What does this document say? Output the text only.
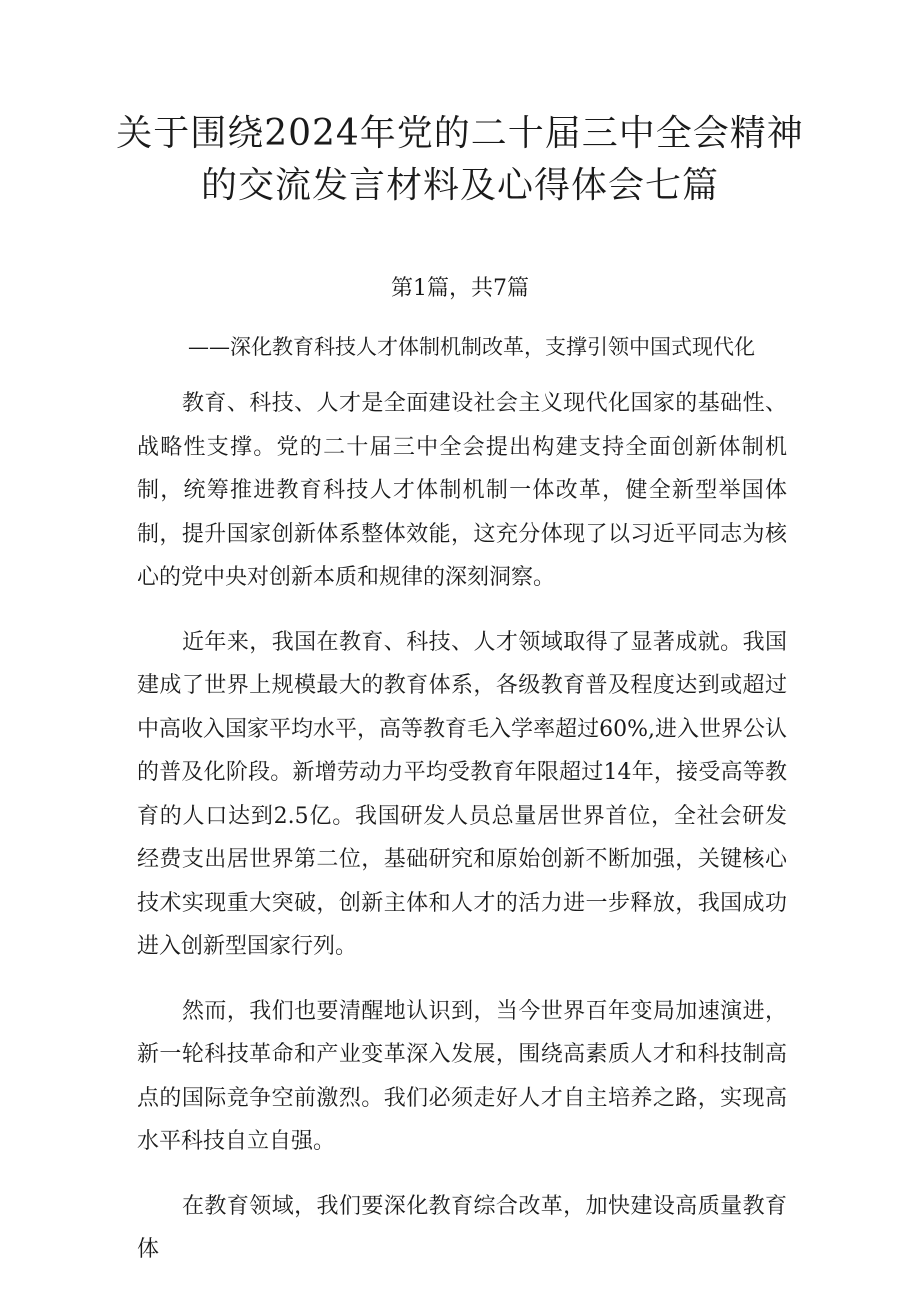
关于围绕2024年党的二十届三中全会精神
的交流发言材料及心得体会七篇
第1篇，共7篇
——深化教育科技人才体制机制改革，支撑引领中国式现代化

教育、科技、人才是全面建设社会主义现代化国家的基础性、战略性支撑。党的二十届三中全会提出构建支持全面创新体制机制，统筹推进教育科技人才体制机制一体改革，健全新型举国体制，提升国家创新体系整体效能，这充分体现了以习近平同志为核心的党中央对创新本质和规律的深刻洞察。

近年来，我国在教育、科技、人才领域取得了显著成就。我国建成了世界上规模最大的教育体系，各级教育普及程度达到或超过中高收入国家平均水平，高等教育毛入学率超过60%,进入世界公认的普及化阶段。新增劳动力平均受教育年限超过14年，接受高等教育的人口达到2.5亿。我国研发人员总量居世界首位，全社会研发经费支出居世界第二位，基础研究和原始创新不断加强，关键核心技术实现重大突破，创新主体和人才的活力进一步释放，我国成功进入创新型国家行列。

然而，我们也要清醒地认识到，当今世界百年变局加速演进，新一轮科技革命和产业变革深入发展，围绕高素质人才和科技制高点的国际竞争空前激烈。我们必须走好人才自主培养之路，实现高水平科技自立自强。

在教育领域，我们要深化教育综合改革，加快建设高质量教育体
